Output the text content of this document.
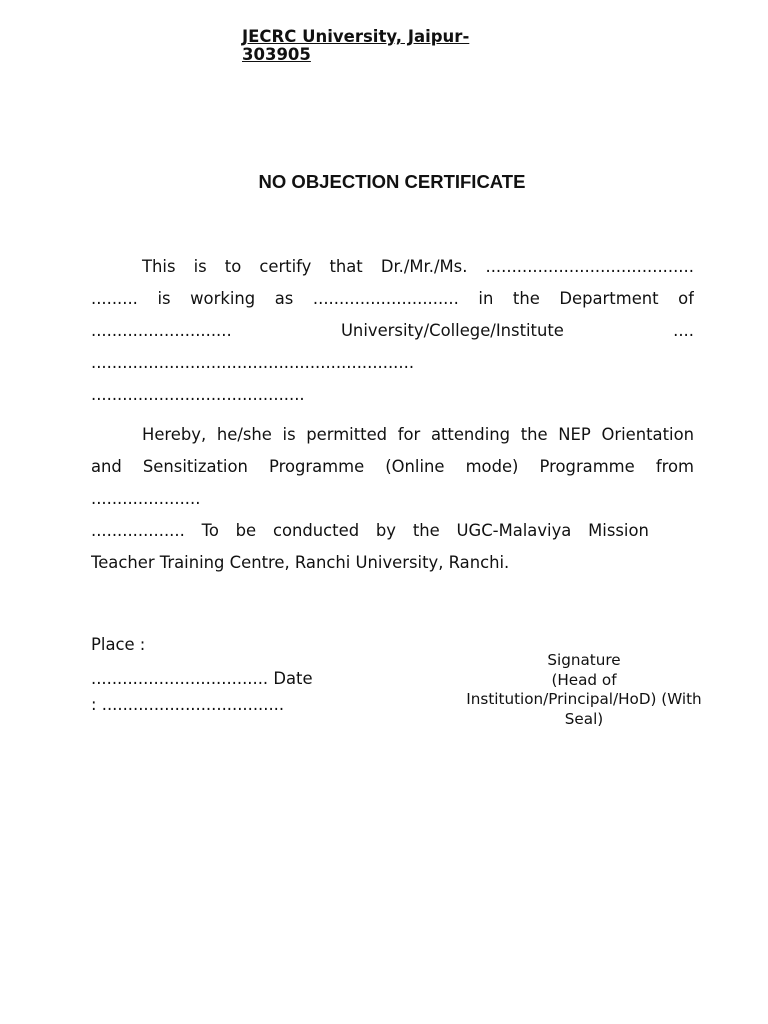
JECRC University, Jaipur-
303905
NO OBJECTION CERTIFICATE
This is to certify that Dr./Mr./Ms. ........................................
......... is working as ............................ in the Department of
...........................	University/College/Institute	....
..............................................................
.........................................
Hereby, he/she is permitted for attending the NEP Orientation
and Sensitization Programme (Online mode) Programme from
.....................
.................. To be conducted by the UGC-Malaviya Mission
Teacher Training Centre, Ranchi University, Ranchi.
Place :
.................................. Date
: ...................................
Signature
(Head of
Institution/Principal/HoD) (With
Seal)
